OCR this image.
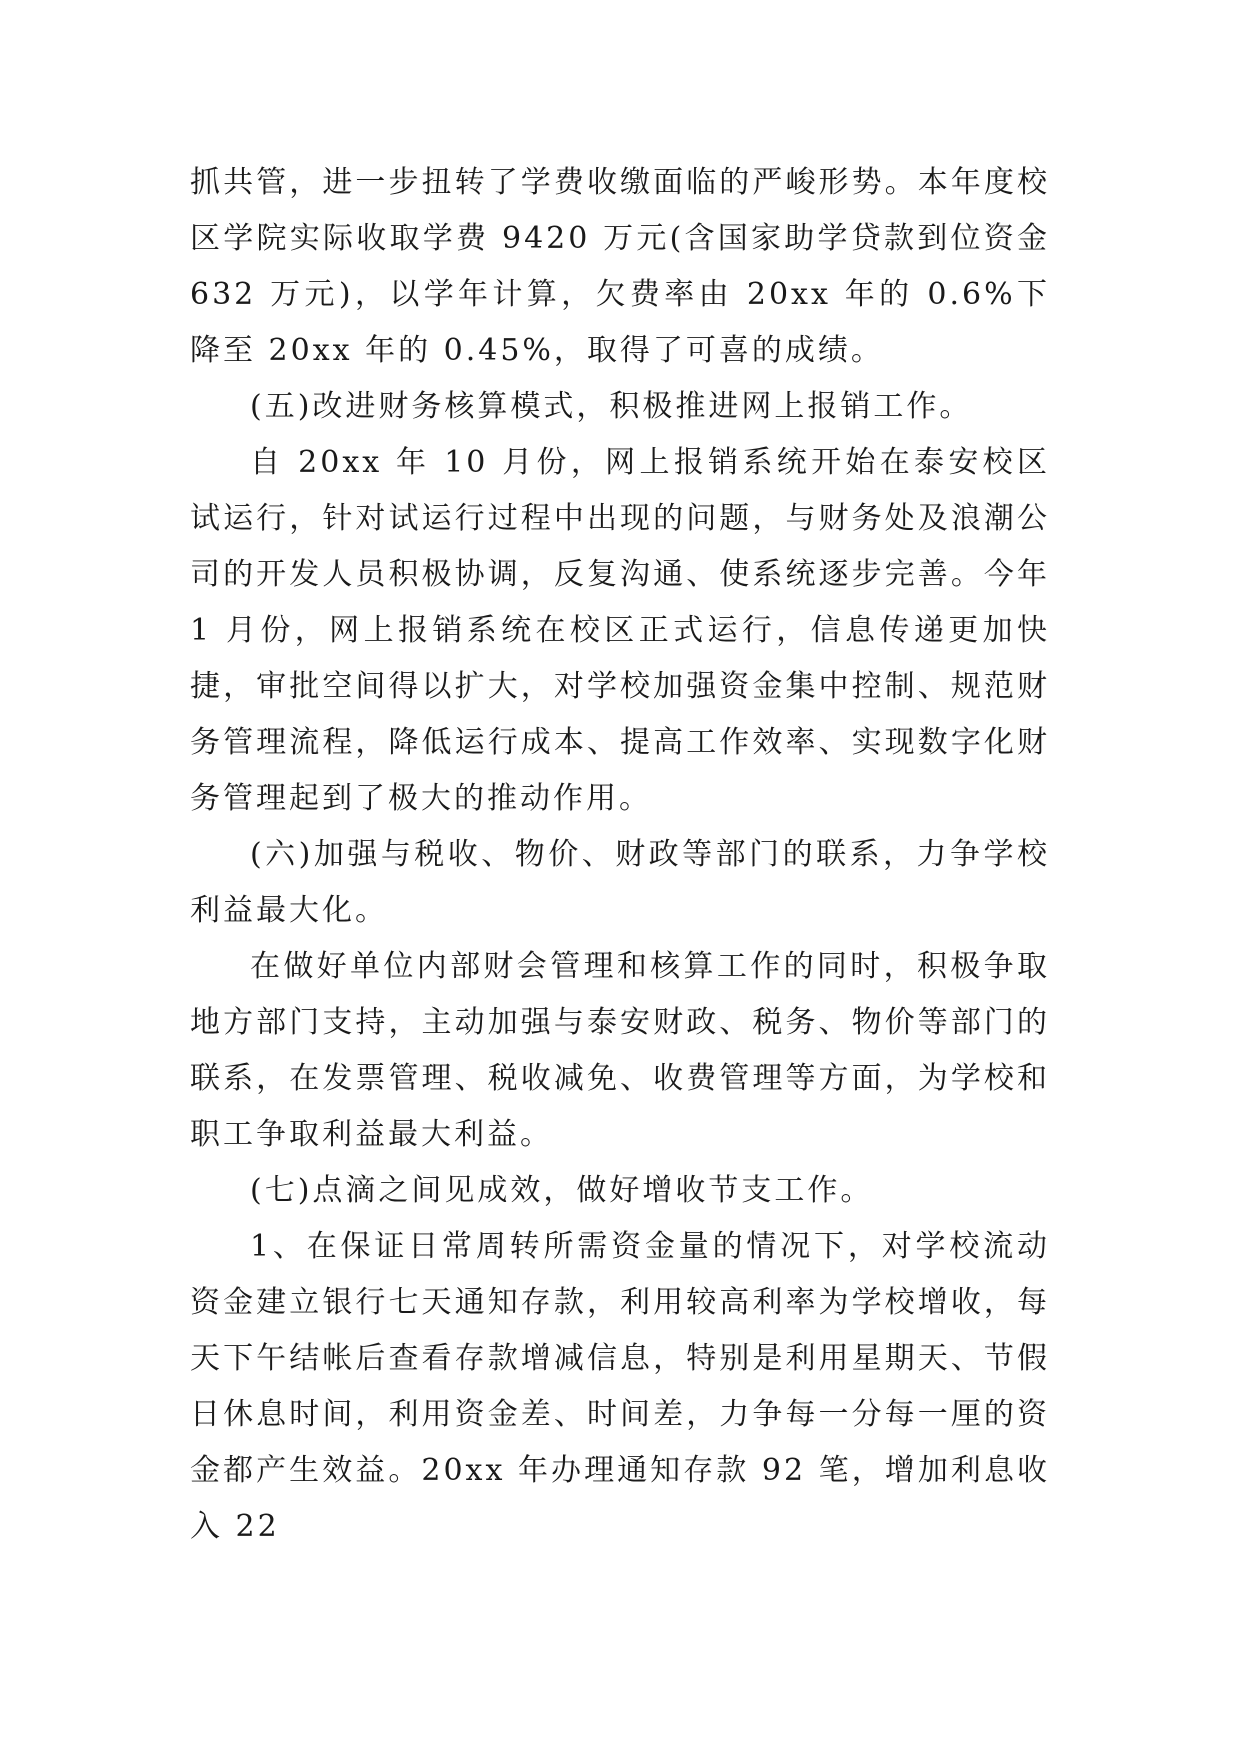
抓共管，进一步扭转了学费收缴面临的严峻形势。本年度校区学院实际收取学费 9420 万元(含国家助学贷款到位资金 632 万元)，以学年计算，欠费率由 20xx 年的 0.6%下降至 20xx 年的 0.45%，取得了可喜的成绩。

(五)改进财务核算模式，积极推进网上报销工作。

自 20xx 年 10 月份，网上报销系统开始在泰安校区试运行，针对试运行过程中出现的问题，与财务处及浪潮公司的开发人员积极协调，反复沟通、使系统逐步完善。今年 1 月份，网上报销系统在校区正式运行，信息传递更加快捷，审批空间得以扩大，对学校加强资金集中控制、规范财务管理流程，降低运行成本、提高工作效率、实现数字化财务管理起到了极大的推动作用。

(六)加强与税收、物价、财政等部门的联系，力争学校利益最大化。

在做好单位内部财会管理和核算工作的同时，积极争取地方部门支持，主动加强与泰安财政、税务、物价等部门的联系，在发票管理、税收减免、收费管理等方面，为学校和职工争取利益最大利益。

(七)点滴之间见成效，做好增收节支工作。

1、在保证日常周转所需资金量的情况下，对学校流动资金建立银行七天通知存款，利用较高利率为学校增收，每天下午结帐后查看存款增减信息，特别是利用星期天、节假日休息时间，利用资金差、时间差，力争每一分每一厘的资金都产生效益。20xx 年办理通知存款 92 笔，增加利息收入 22
